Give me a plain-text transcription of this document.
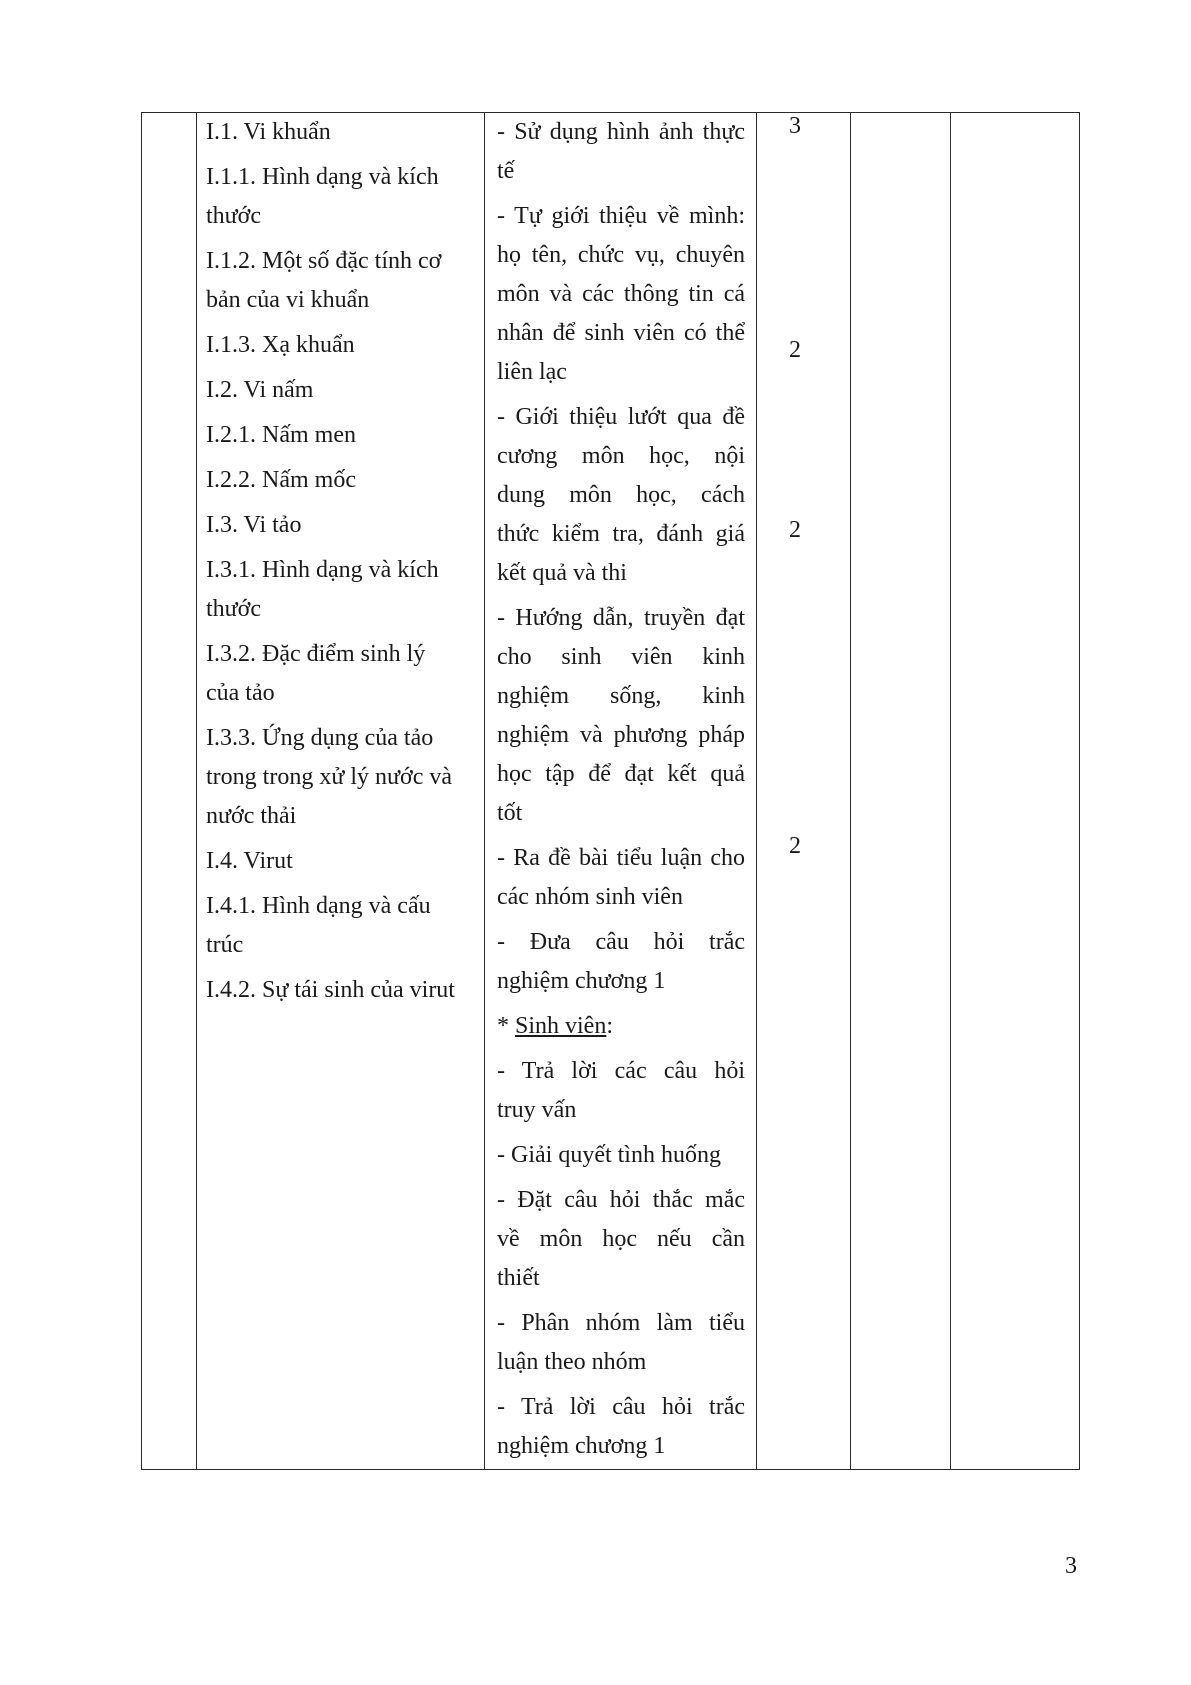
I.1. Vi khuẩn
I.1.1. Hình dạng và kích
thước
I.1.2. Một số đặc tính cơ
bản của vi khuẩn
I.1.3. Xạ khuẩn
I.2. Vi nấm
I.2.1. Nấm men
I.2.2. Nấm mốc
I.3. Vi tảo
I.3.1. Hình dạng và kích
thước
I.3.2. Đặc điểm sinh lý
của tảo
I.3.3. Ứng dụng của tảo
trong trong xử lý nước và
nước thải
I.4. Virut
I.4.1. Hình dạng và cấu
trúc
I.4.2. Sự tái sinh của virut
- Sử dụng hình ảnh thực
tế
- Tự giới thiệu về mình:
họ tên, chức vụ, chuyên
môn và các thông tin cá
nhân để sinh viên có thể
liên lạc
- Giới thiệu lướt qua đề
cương môn học, nội
dung môn học, cách
thức kiểm tra, đánh giá
kết quả và thi
- Hướng dẫn, truyền đạt
cho sinh viên kinh
nghiệm sống, kinh
nghiệm và phương pháp
học tập để đạt kết quả
tốt
- Ra đề bài tiểu luận cho
các nhóm sinh viên
- Đưa câu hỏi trắc
nghiệm chương 1
* Sinh viên:
- Trả lời các câu hỏi
truy vấn
- Giải quyết tình huống
- Đặt câu hỏi thắc mắc
về môn học nếu cần
thiết
- Phân nhóm làm tiểu
luận theo nhóm
- Trả lời câu hỏi trắc
nghiệm chương 1
3
2
2
2
3
